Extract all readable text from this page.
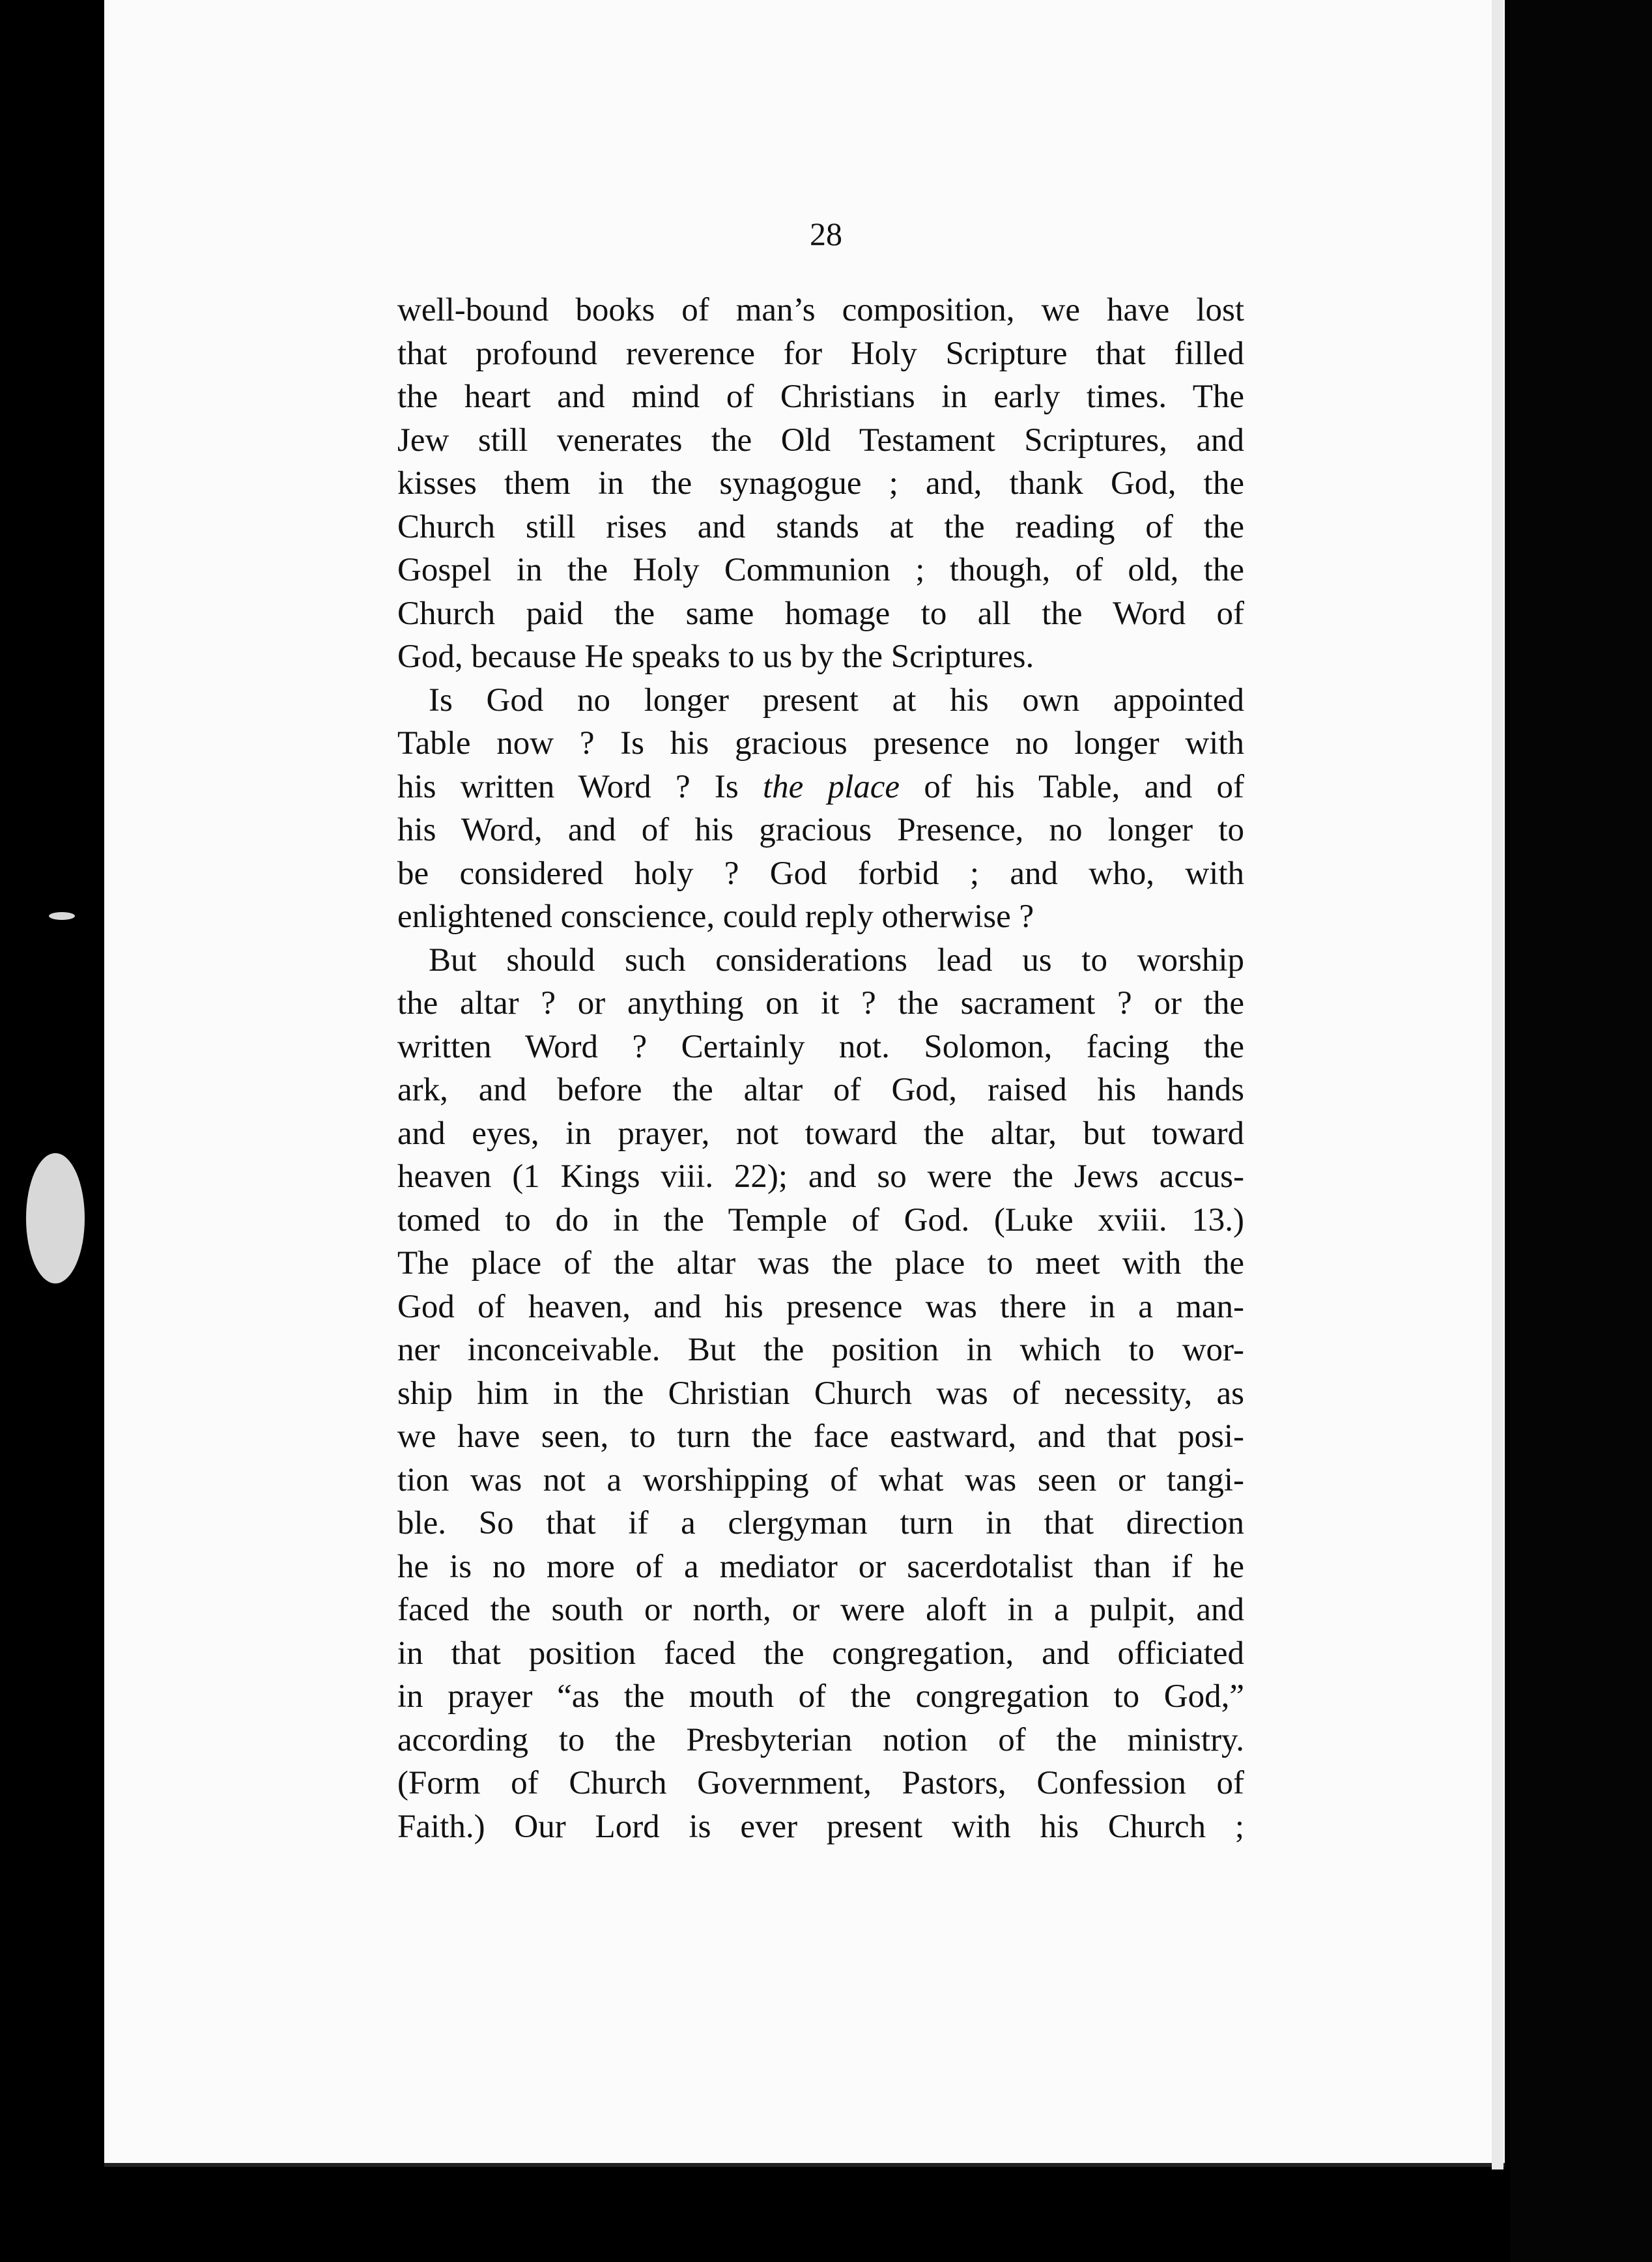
28
well-bound books of man’s composition, we have lost
that profound reverence for Holy Scripture that filled
the heart and mind of Christians in early times. The
Jew still venerates the Old Testament Scriptures, and
kisses them in the synagogue ; and, thank God, the
Church still rises and stands at the reading of the
Gospel in the Holy Communion ; though, of old, the
Church paid the same homage to all the Word of
God, because He speaks to us by the Scriptures.
Is God no longer present at his own appointed
Table now ? Is his gracious presence no longer with
his written Word ? Is the place of his Table, and of
his Word, and of his gracious Presence, no longer to
be considered holy ? God forbid ; and who, with
enlightened conscience, could reply otherwise ?
But should such considerations lead us to worship
the altar ? or anything on it ? the sacrament ? or the
written Word ? Certainly not. Solomon, facing the
ark, and before the altar of God, raised his hands
and eyes, in prayer, not toward the altar, but toward
heaven (1 Kings viii. 22); and so were the Jews accus-
tomed to do in the Temple of God. (Luke xviii. 13.)
The place of the altar was the place to meet with the
God of heaven, and his presence was there in a man-
ner inconceivable. But the position in which to wor-
ship him in the Christian Church was of necessity, as
we have seen, to turn the face eastward, and that posi-
tion was not a worshipping of what was seen or tangi-
ble. So that if a clergyman turn in that direction
he is no more of a mediator or sacerdotalist than if he
faced the south or north, or were aloft in a pulpit, and
in that position faced the congregation, and officiated
in prayer “as the mouth of the congregation to God,”
according to the Presbyterian notion of the ministry.
(Form of Church Government, Pastors, Confession of
Faith.) Our Lord is ever present with his Church ;
